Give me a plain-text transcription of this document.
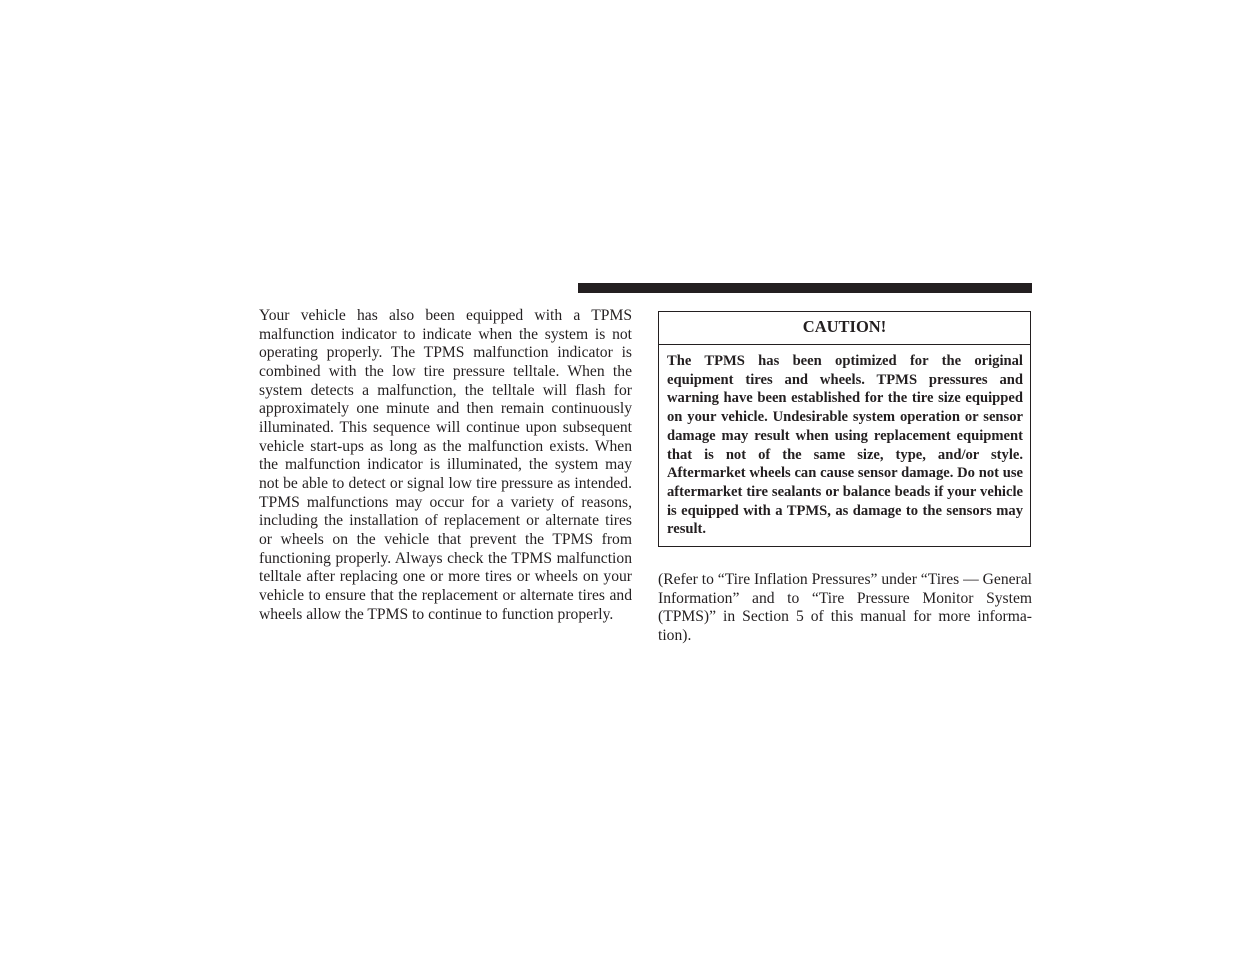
Your vehicle has also been equipped with a TPMS malfunction indicator to indicate when the system is not operating properly. The TPMS malfunction indicator is combined with the low tire pressure telltale. When the system detects a malfunction, the telltale will flash for approximately one minute and then remain continuously illuminated. This sequence will continue upon subsequent vehicle start-ups as long as the malfunction exists. When the malfunction indicator is illuminated, the system may not be able to detect or signal low tire pressure as intended. TPMS malfunctions may occur for a variety of reasons, including the installation of replacement or alternate tires or wheels on the vehicle that prevent the TPMS from functioning properly. Always check the TPMS malfunction telltale after replacing one or more tires or wheels on your vehicle to ensure that the replacement or alternate tires and wheels allow the TPMS to continue to function properly.
CAUTION!
The TPMS has been optimized for the original equipment tires and wheels. TPMS pressures and warning have been established for the tire size equipped on your vehicle. Undesirable system operation or sensor damage may result when using replacement equipment that is not of the same size, type, and/or style. Aftermarket wheels can cause sensor damage. Do not use aftermarket tire sealants or balance beads if your vehicle is equipped with a TPMS, as damage to the sensors may result.
(Refer to “Tire Inflation Pressures” under “Tires — General Information” and to “Tire Pressure Monitor System (TPMS)” in Section 5 of this manual for more information).
